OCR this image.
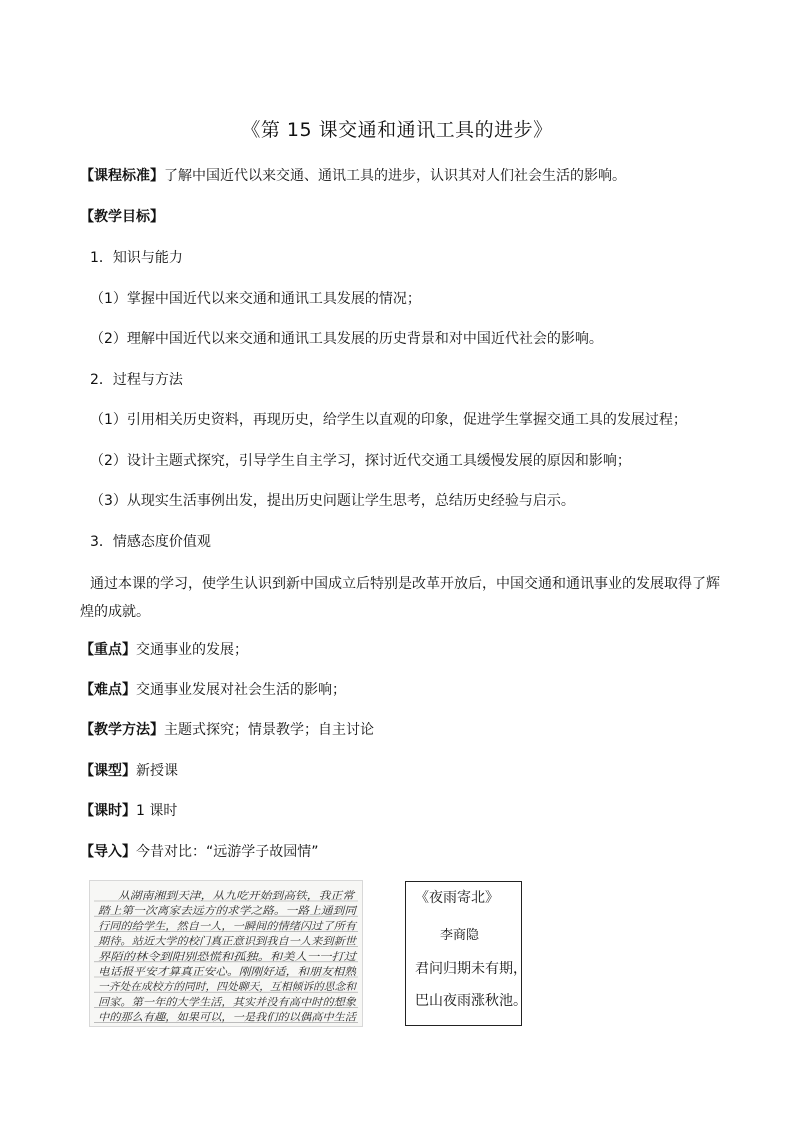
《第 15 课交通和通讯工具的进步》
【课程标准】了解中国近代以来交通、通讯工具的进步，认识其对人们社会生活的影响。
【教学目标】
1．知识与能力
（1）掌握中国近代以来交通和通讯工具发展的情况；
（2）理解中国近代以来交通和通讯工具发展的历史背景和对中国近代社会的影响。
2．过程与方法
（1）引用相关历史资料，再现历史，给学生以直观的印象，促进学生掌握交通工具的发展过程；
（2）设计主题式探究，引导学生自主学习，探讨近代交通工具缓慢发展的原因和影响；
（3）从现实生活事例出发，提出历史问题让学生思考，总结历史经验与启示。
3．情感态度价值观
通过本课的学习，使学生认识到新中国成立后特别是改革开放后，中国交通和通讯事业的发展取得了辉煌的成就。
【重点】交通事业的发展；
【难点】交通事业发展对社会生活的影响；
【教学方法】主题式探究；情景教学；自主讨论
【课型】新授课
【课时】1 课时
【导入】今昔对比：“远游学子故园情”
从湖南湘到天津，从九吃开始到高铁，我正常
踏上第一次离家去远方的求学之路。一路上通到同
行同的给学生，然自一人，一瞬间的情绪闪过了所有
期待。站近大学的校门真正意识到我自一人来到新世
界陌的林令到阳别恐慌和孤独。和美人一一打过
电话报平安才算真正安心。刚刚好适，和朋友相熟
一齐处在成校方的同时，四处聊天，互相倾诉的思念和
回家。第一年的大学生活，其实并没有高中时的想象
中的那么有趣，如果可以，一是我们的以偶高中生活
《夜雨寄北》
李商隐
君问归期未有期，
巴山夜雨涨秋池。
